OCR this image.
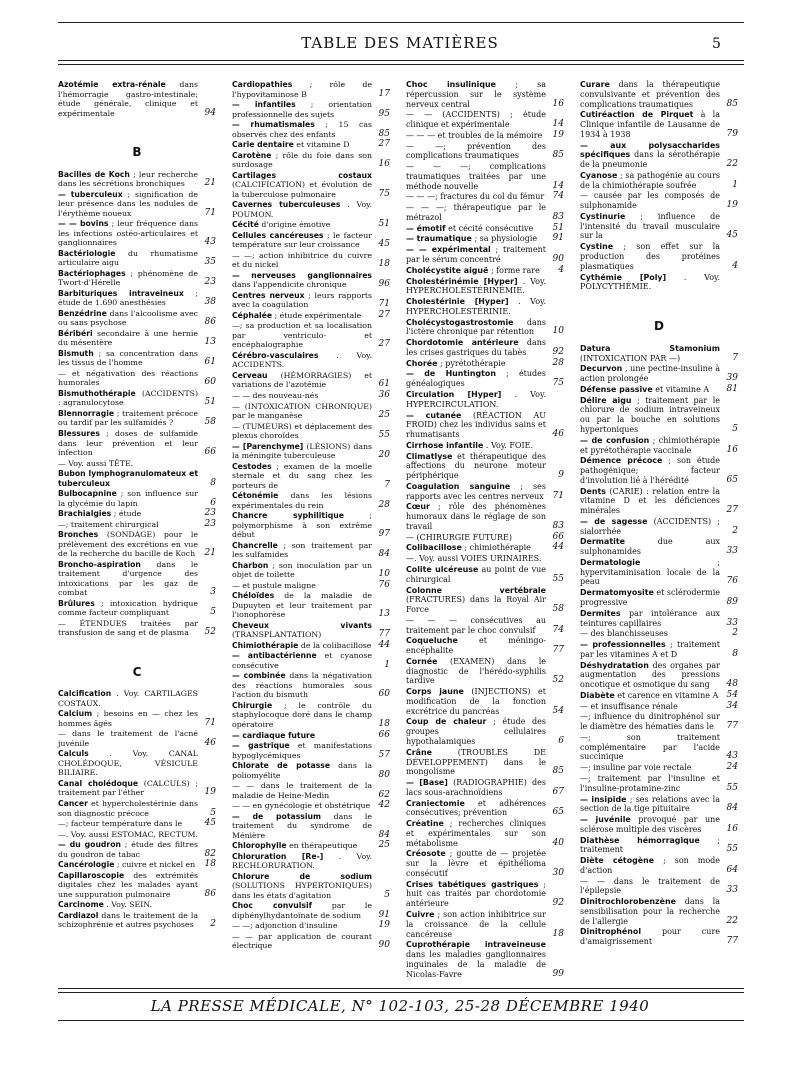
TABLE DES MATIÈRES	5
Azotémie extra-rénale dans l'hémorragie gastro-intestinale; étude générale, clinique et expérimentale	94
B
Bacilles de Koch ; leur recherche dans les sécrétions bronchiques 21
— tuberculeux ; signification de leur présence dans les nodules de l'érythème noueux	71
— — bovins ; leur fréquence dans les infections ostéo-articulaires et ganglionnaires	43
Bactériologie du rhumatisme articulaire aigu	35
Bactériophages ; phénomène de Twort-d'Hérelle	23
Barbituriques intraveineux ; étude de 1.690 anesthésies	38
Benzédrine dans l'alcoolisme avec ou sans psychose	86
Béribéri secondaire à une hernie du mésentère	13
Bismuth ; sa concentration dans les tissus de l'homme	61
— et négativation des réactions humorales	60
Bismuthothérapie (ACCIDENTS) : agranulocytose	51
Blennorragie ; traitement précoce ou tardif par les sulfamidés ?	58
Blessures ; doses de sulfamide dans leur prévention et leur infection	66
— Voy. aussi TÊTE.
Bubon lymphogranulomateux et tuberculeux	8
Bulbocapnine ; son influence sur la glycémie du lapin	6
Brachialgies ; étude	23
—; traitement chirurgical	23
Bronches (SONDAGE) pour le prélèvement des excrétions en vue de la recherche du bacille de Koch 21
Broncho-aspiration dans le traitement d'urgence des intoxications par les gaz de combat	3
Brûlures ; intoxication hydrique comme facteur compliquant	5
— ÉTENDUES traitées par transfusion de sang et de plasma 52
C
Calcification . Voy. CARTILAGES COSTAUX.
Calcium ; besoins en — chez les hommes âgés	71
— dans le traitement de l'acné juvénile	46
Calculs	. Voy. CANAL CHOLÉDOQUE, VÉSICULE BILIAIRE.
Canal cholédoque (CALCULS) ; traitement par l'éther	19
Cancer et hypercholestérinie dans son diagnostic précoce	5
—; facteur température dans le 45
—. Voy. aussi ESTOMAC, RECTUM.
— du goudron ; étude des filtres du goudron de tabac	82
Cancérologie ; cuivre et nickel en 18
Capillaroscopie des extrémités digitales chez les malades ayant une suppuration pulmonaire	86
Carcinome . Voy. SEIN.
Cardiazol dans le traitement de la schizophrénie et autres psychoses 2
Cardiopathies ; rôle de l'hypovitaminose B	17
— infantiles ; orientation professionnelle des sujets	95
— rhumatismales ; 15 cas observés chez des enfants	85
Carie dentaire et vitamine D	27
Carotène ; rôle du foie dans son surdosage	16
Cartilages costaux (CALCIFICATION) et évolution de la tuberculose pulmonaire	75
Cavernes tuberculeuses . Voy. POUMON.
Cécité d'origine émotive	51
Cellules cancéreuses ; le facteur température sur leur croissance 45
— —; action inhibitrice du cuivre et du nickel	18
— nerveuses ganglionnaires dans l'appendicite chronique	96
Centres nerveux ; leurs rapports avec la coagulation	71
Céphalée ; étude expérimentale 27
—; sa production et sa localisation par ventriculo- et encéphalographie	27
Cérébro-vasculaires . Voy. ACCIDENTS.
Cerveau (HÉMORRAGIES) et variations de l'azotémie	61
— — des nouveau-nés	36
— (INTOXICATION CHRONIQUE) par le manganèse	25
— (TUMEURS) et déplacement des plexus choroïdes	55
— [Parenchyme] (LÉSIONS) dans la méningite tuberculeuse	20
Cestodes ; examen de la moelle sternale et du sang chez les porteurs de	7
Cétonémie dans les lésions expérimentales du rein	28
Chancre syphilitique	; polymorphisme à son extrême début	97
Chancrelle ; son traitement par les sulfamides	84
Charbon ; son inoculation par un objet de toilette	10
— et pustule maligne	76
Chéloïdes de la maladie de Dupuyten et leur traitement par l'ionophorèse	13
Cheveux vivants (TRANSPLANTATION)	77
Chimiothérapie de la colibacillose 44
— antibactérienne et cyanose consécutive	1
— combinée dans la négativation des réactions humorales sous l'action du bismuth	60
Chirurgie ; le contrôle du staphylocoque doré dans le champ opératoire	18
— cardiaque future	66
— gastrique et manifestations hypoglycémiques	57
Chlorate de potasse dans la poliomyélite	80
— — dans le traitement de la maladie de Heine-Medin	62
— — en gynécologie et obstétrique 42
— de potassium dans le traitement du syndrome de Ménière	84
Chlorophylle en thérapeutique 25
Chloruration [Re-] . Voy. RECHLORURATION.
Chlorure de sodium (SOLUTIONS HYPERTONIQUES) dans les états d'agitation	5
Choc convulsif	par le diphénylhydantoïnate de sodium 91
— —; adjonction d'insuline	19
— — par application de courant électrique	90
Choc insulinique ; sa répercussion sur le système nerveux central	16
— — (ACCIDENTS) ; étude clinique et expérimentale	14
— — — et troubles de la mémoire 19
— —; prévention des complications traumatiques	85
— — —; complications traumatiques traitées par une méthode nouvelle	14
— — —; fractures du col du fémur 74
— — —; thérapeutique par le métrazol	83
— émotif et cécité consécutive 51
— traumatique ; sa physiologie 91
— — expérimental ; traitement par le sérum concentré	90
Cholécystite aiguë ; forme rare 4
Cholestérinémie [Hyper] . Voy. HYPERCHOLESTÉRINÉMIE.
Cholestérinie [Hyper] . Voy. HYPERCHOLESTÉRINIE.
Cholécystogastrostomie dans l'ictère chronique par rétention 10
Chordotomie antérieure dans les crises gastriques du tabès	92
Chorée ; pyrétothérapie	28
— de Huntington ; études généalogiques	75
Circulation [Hyper] . Voy. HYPERCIRCULATION.
— cutanée (RÉACTION AU FROID) chez les individus sains et rhumatisants	46
Cirrhose infantile . Voy. FOIE.
Climatlyse et thérapeutique des affections du neurone moteur périphérique	9
Coagulation sanguine ; ses rapports avec les centres nerveux 71
Cœur ; rôle des phénomènes humoraux dans le réglage de son travail	83
— (CHIRURGIE FUTURE)	66
Colibacillose ; chimiothérapie 44
—. Voy. aussi VOIES URINAIRES.
Colite ulcéreuse au point de vue chirurgical	55
Colonne vertébrale (FRACTURES) dans la Royal Air Force	58
— — — consécutives au traitement par le choc convulsif 74
Coqueluche	et méningo-encéphalite	77
Cornée (EXAMEN) dans le diagnostic de l'hérédo-syphilis tardive	52
Corps jaune (INJECTIONS) et modification de la fonction excrétrice du pancréas	54
Coup de chaleur ; étude des groupes cellulaires hypothalamiques	6
Crâne	(TROUBLES DE DÉVELOPPEMENT) dans le mongolisme	85
— [Base] (RADIOGRAPHIE) des lacs sous-arachnoïdiens	67
Craniectomie et adhérences consécutives; prévention	65
Créatine ; recherches cliniques et expérimentales sur son métabolisme	40
Créosote ; goutte de — projetée sur la lèvre et épithélioma consécutif	30
Crises tabétiques gastriques ; huit cas traités par chordotomie antérieure	92
Cuivre ; son action inhibitrice sur la croissance de la cellule cancéreuse	18
Cuprothérapie intraveineuse dans les maladies ganglionnaires inguinales de la maladie de Nicolas-Favre	99
Curare dans la thérapeutique convulsivante et prévention des complications traumatiques	85
Cutiréaction de Pirquet à la Clinique infantile de Lausanne de 1934 à 1938	79
— aux polysaccharides spécifiques dans la sérothérapie de la pneumonie	22
Cyanose ; sa pathogénie au cours de la chimiothérapie soufrée	1
— causée par les composés de sulphonamide	19
Cystinurie ; influence de l'intensité du travail musculaire sur la	45
Cystine ; son effet sur la production des protéines plasmatiques	4
Cythémie [Poly] . Voy. POLYCYTHÉMIE.
D
Datura Stamonium (INTOXICATION PAR —)	7
Decurvon , une pectine-insuline à action prolongée	39
Défense passive et vitamine A 81
Délire aigu ; traitement par le chlorure de sodium intraveineux ou par la bouche en solutions hypertoniques	5
— de confusion ; chimiothérapie et pyrétothérapie vaccinale	16
Démence précoce ; son étude pathogénique; facteur d'involution lié à l'hérédité	65
Dents (CARIE) : relation entre la vitamine D et les déficiences minérales	27
— de sagesse (ACCIDENTS) ; sialorrhée	2
Dermatite	due aux sulphonamides	33
Dermatologie	; hypervitaminisation locale de la peau	76
Dermatomyosite et sclérodermie progressive	89
Dermites par intolérance aux teintures capillaires	33
— des blanchisseuses	2
— professionnelles ; traitement par les vitamines A et D	8
Déshydratation des organes par augmentation des pressions oncotique et osmotique du sang 48
Diabète et carence en vitamine A 54
— et insuffisance rénale	34
—; influence du dinitrophénol sur le diamètre des hématies dans le 77
—; son traitement complémentaire par l'acide succinique	43
—; insuline par voie rectale	24
—; traitement par l'insuline et l'insuline-protamine-zinc	55
— insipide ; ses relations avec la section de la tige pituitaire	84
— juvénile provoqué par une sclérose multiple des viscères	16
Diathèse hémorragique ; traitement	55
Diète cétogène ; son mode d'action	64
— — dans le traitement de l'épilepsie	33
Dinitrochlorobenzène dans la sensibilisation pour la recherche de l'allergie	22
Dinitrophénol	pour cure d'amaigrissement	77
LA PRESSE MÉDICALE, N° 102-103, 25-28 DÉCEMBRE 1940
